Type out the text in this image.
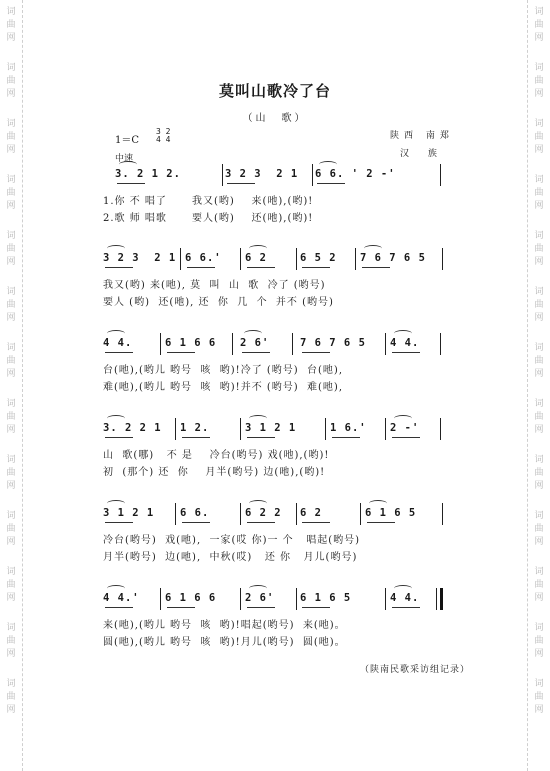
词
曲
网
词
曲
网
词
曲
网
词
曲
网
词
曲
网
词
曲
网
词
曲
网
词
曲
网
词
曲
网
词
曲
网
词
曲
网
词
曲
网
词
曲
网
词
曲
网
词
曲
网
词
曲
网
词
曲
网
词
曲
网
词
曲
网
词
曲
网
词
曲
网
词
曲
网
词
曲
网
词
曲
网
词
曲
网
词
曲
网
莫叫山歌冷了台
（山　歌）
1＝C
3 2
4 4
中速
陕西 南郑
汉 族
3. 2 1 2.	3 2 3  2 1 6 6. ' 2 -'
1.你 不 唱了      我又(哟)    来(吔),(哟)!
2.歌 师 唱歌      要人(哟)    还(吔),(哟)!
3 2 3  2 1 6 6.' 6 2	6 5 2 7 6 7 6 5
我又(哟) 来(吔), 莫  叫  山  歌  冷了 (哟号)
要人 (哟)  还(吔), 还  你  几  个  并不 (哟号)
4 4.	6 1 6 6 2 6'	7 6 7 6 5 4 4.
台(吔),(哟儿 哟号  咳  哟)!冷了 (哟号)  台(吔),
难(吔),(哟儿 哟号  咳  哟)!并不 (哟号)  难(吔),
3. 2 2 1 1 2.	3 1 2 1	1 6.' 2 -'
山  歌(哪)   不 是    冷台(哟号) 戏(吔),(哟)!
初  (那个) 还  你    月半(哟号) 边(吔),(哟)!
3 1 2 1 6 6.	6 2 2 6 2	6 1 6 5
冷台(哟号)  戏(吔),  一家(哎 你)一 个   唱起(哟号)
月半(哟号)  边(吔),  中秋(哎)   还 你   月儿(哟号)
4 4.' 6 1 6 6	2 6' 6 1 6 5	4 4.
来(吔),(哟儿 哟号  咳  哟)!唱起(哟号)  来(吔)。
圆(吔),(哟儿 哟号  咳  哟)!月儿(哟号)  圆(吔)。
（陕南民歌采访组记录）
